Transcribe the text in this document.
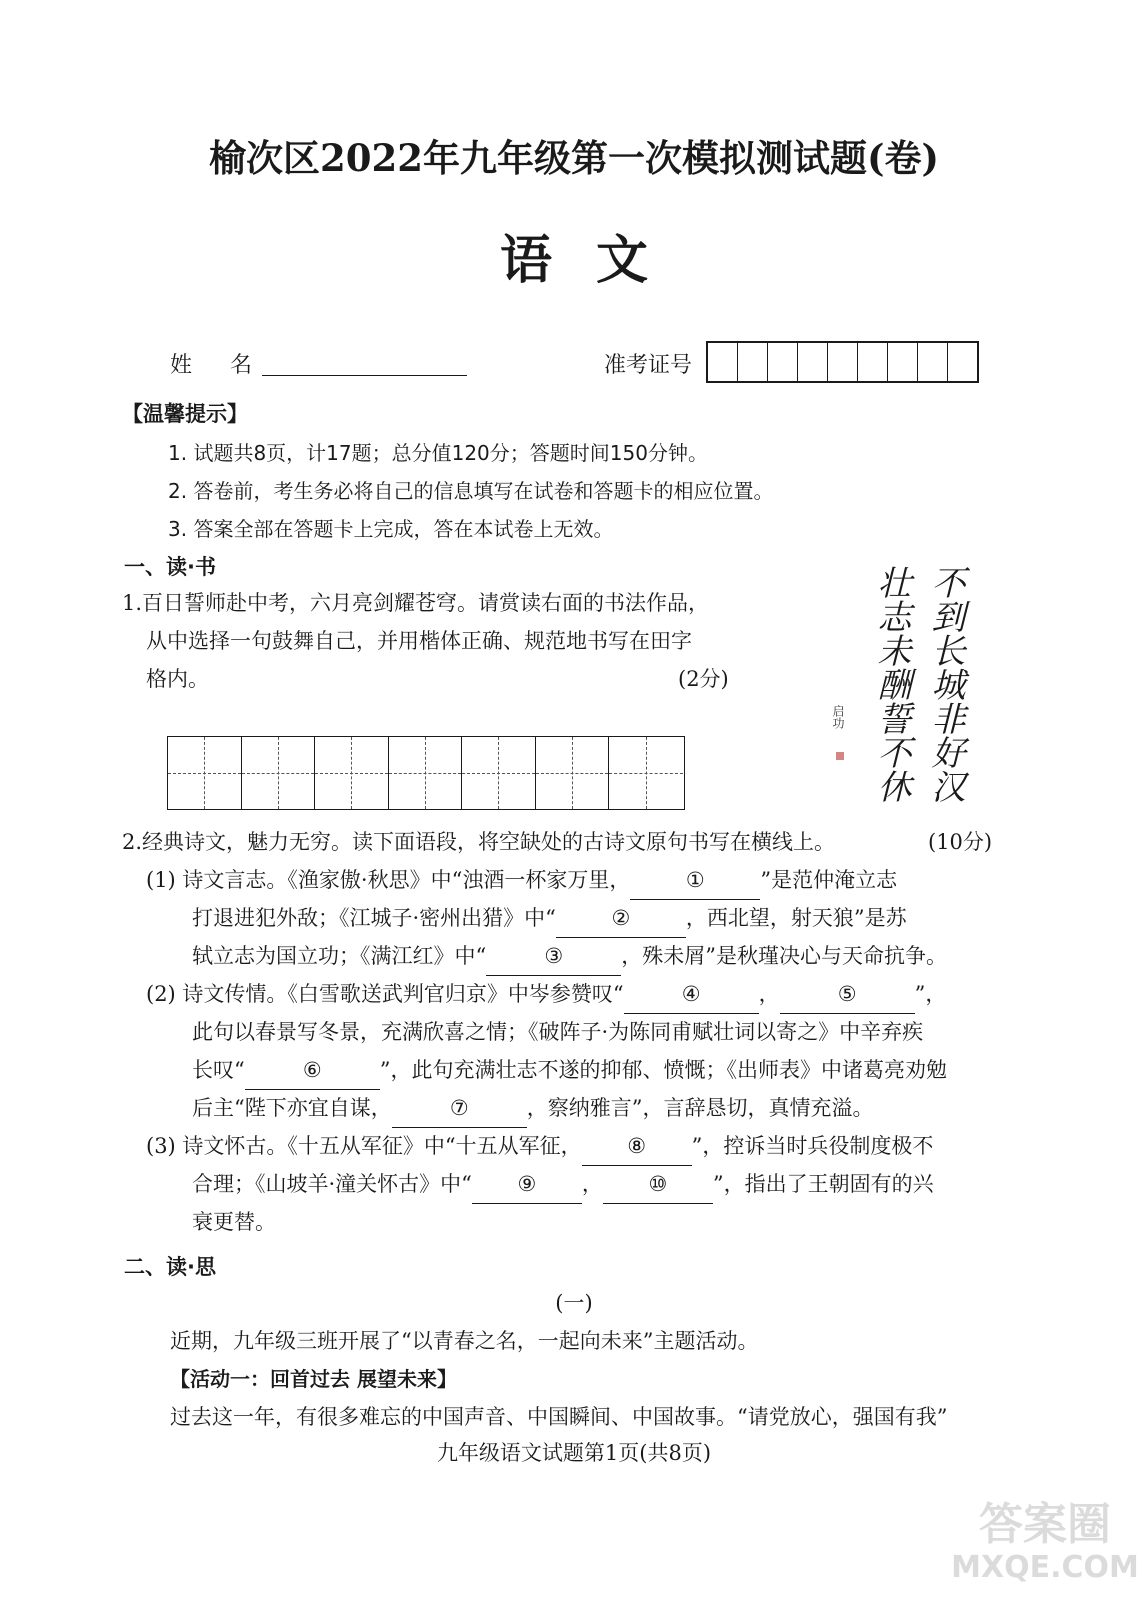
榆次区2022年九年级第一次模拟测试题(卷)
语文
姓名	准考证号
【温馨提示】
1. 试题共8页，计17题；总分值120分；答题时间150分钟。
2. 答卷前，考生务必将自己的信息填写在试卷和答题卡的相应位置。
3. 答案全部在答题卡上完成，答在本试卷上无效。
一、读·书
1.百日誓师赴中考，六月亮剑耀苍穹。请赏读右面的书法作品，
从中选择一句鼓舞自己，并用楷体正确、规范地书写在田字
格内。	(2分)	不到长城非好汉
壮志未酬誓不休
启功
2.经典诗文，魅力无穷。读下面语段，将空缺处的古诗文原句书写在横线上。	(10分)
(1) 诗文言志。《渔家傲·秋思》中“浊酒一杯家万里，	①	”是范仲淹立志
打退进犯外敌；《江城子·密州出猎》中“	②	，西北望，射天狼”是苏
轼立志为国立功；《满江红》中“	③	，殊未屑”是秋瑾决心与天命抗争。
(2) 诗文传情。《白雪歌送武判官归京》中岑参赞叹“	④	，	⑤	”，
此句以春景写冬景，充满欣喜之情；《破阵子·为陈同甫赋壮词以寄之》中辛弃疾
长叹“	⑥	”，此句充满壮志不遂的抑郁、愤慨；《出师表》中诸葛亮劝勉
后主“陛下亦宜自谋，	⑦	，察纳雅言”，言辞恳切，真情充溢。
(3) 诗文怀古。《十五从军征》中“十五从军征， ⑧ ”，控诉当时兵役制度极不
合理；《山坡羊·潼关怀古》中“ ⑨ ， ⑩ ”，指出了王朝固有的兴
衰更替。
二、读·思
(一)
近期，九年级三班开展了“以青春之名，一起向未来”主题活动。
【活动一：回首过去 展望未来】
过去这一年，有很多难忘的中国声音、中国瞬间、中国故事。“请党放心，强国有我”
九年级语文试题第1页(共8页)
答案圈
MXQE.COM
